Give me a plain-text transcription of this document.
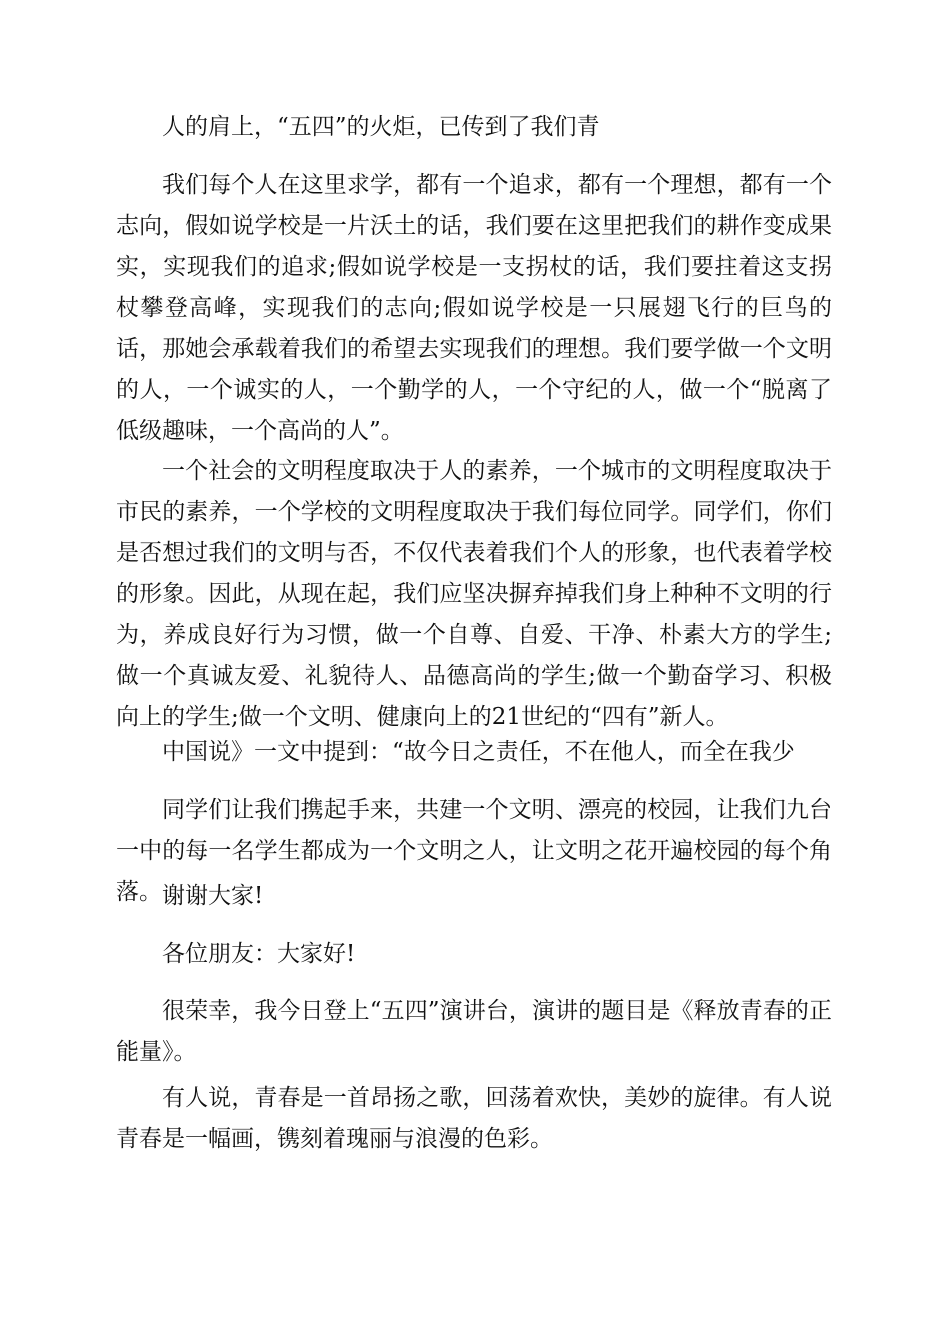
人的肩上，“五四”的火炬，已传到了我们青

我们每个人在这里求学，都有一个追求，都有一个理想，都有一个志向，假如说学校是一片沃土的话，我们要在这里把我们的耕作变成果实，实现我们的追求;假如说学校是一支拐杖的话，我们要拄着这支拐杖攀登高峰，实现我们的志向;假如说学校是一只展翅飞行的巨鸟的话，那她会承载着我们的希望去实现我们的理想。我们要学做一个文明的人，一个诚实的人，一个勤学的人，一个守纪的人，做一个“脱离了低级趣味，一个高尚的人”。

一个社会的文明程度取决于人的素养，一个城市的文明程度取决于市民的素养，一个学校的文明程度取决于我们每位同学。同学们，你们是否想过我们的文明与否，不仅代表着我们个人的形象，也代表着学校的形象。因此，从现在起，我们应坚决摒弃掉我们身上种种不文明的行为，养成良好行为习惯，做一个自尊、自爱、干净、朴素大方的学生;做一个真诚友爱、礼貌待人、品德高尚的学生;做一个勤奋学习、积极向上的学生;做一个文明、健康向上的21世纪的“四有”新人。

中国说》一文中提到：“故今日之责任，不在他人，而全在我少

同学们让我们携起手来，共建一个文明、漂亮的校园，让我们九台一中的每一名学生都成为一个文明之人，让文明之花开遍校园的每个角落。 谢谢大家!

各位朋友：大家好!

很荣幸，我今日登上“五四”演讲台，演讲的题目是《释放青春的正能量》。

有人说，青春是一首昂扬之歌，回荡着欢快，美妙的旋律。有人说青春是一幅画，镌刻着瑰丽与浪漫的色彩。
